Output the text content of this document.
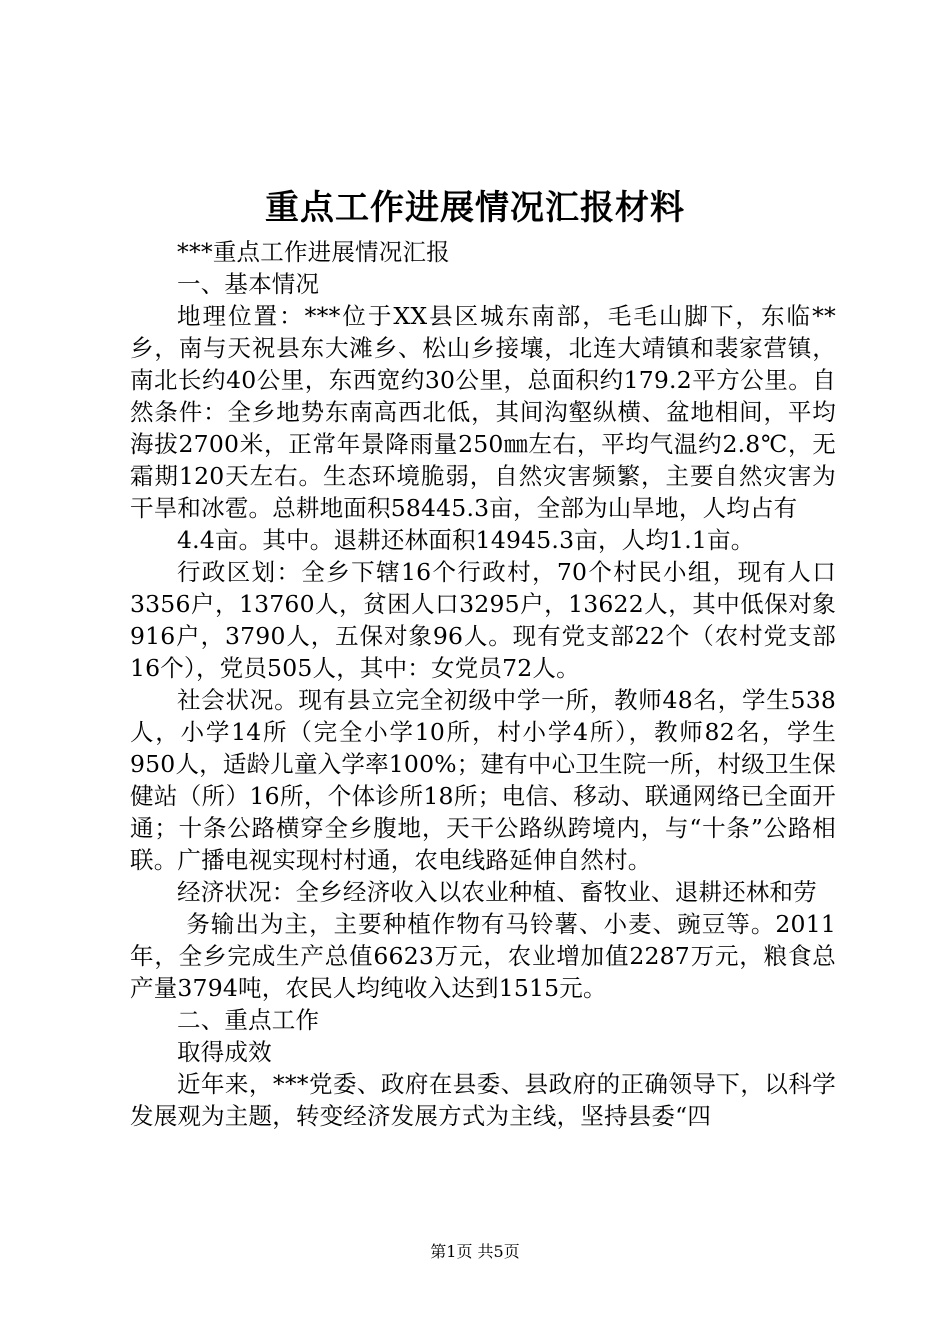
重点工作进展情况汇报材料

***重点工作进展情况汇报

一、基本情况

地理位置：***位于XX县区城东南部，毛毛山脚下，东临**乡，南与天祝县东大滩乡、松山乡接壤，北连大靖镇和裴家营镇，南北长约40公里，东西宽约30公里，总面积约179.2平方公里。自然条件：全乡地势东南高西北低，其间沟壑纵横、盆地相间，平均海拔2700米，正常年景降雨量250㎜左右，平均气温约2.8℃，无霜期120天左右。生态环境脆弱，自然灾害频繁，主要自然灾害为干旱和冰雹。总耕地面积58445.3亩，全部为山旱地，人均占有

4.4亩。其中。退耕还林面积14945.3亩，人均1.1亩。

行政区划：全乡下辖16个行政村，70个村民小组，现有人口3356户，13760人，贫困人口3295户，13622人，其中低保对象916户，3790人，五保对象96人。现有党支部22个（农村党支部16个），党员505人，其中：女党员72人。

社会状况。现有县立完全初级中学一所，教师48名，学生538人，小学14所（完全小学10所，村小学4所），教师82名，学生950人，适龄儿童入学率100%；建有中心卫生院一所，村级卫生保健站（所）16所，个体诊所18所；电信、移动、联通网络已全面开通；十条公路横穿全乡腹地，天干公路纵跨境内，与“十条”公路相联。广播电视实现村村通，农电线路延伸自然村。

经济状况：全乡经济收入以农业种植、畜牧业、退耕还林和劳

务输出为主，主要种植作物有马铃薯、小麦、豌豆等。2011年，全乡完成生产总值6623万元，农业增加值2287万元，粮食总产量3794吨，农民人均纯收入达到1515元。

二、重点工作

取得成效

近年来，***党委、政府在县委、县政府的正确领导下，以科学发展观为主题，转变经济发展方式为主线，坚持县委“四

第1页 共5页
